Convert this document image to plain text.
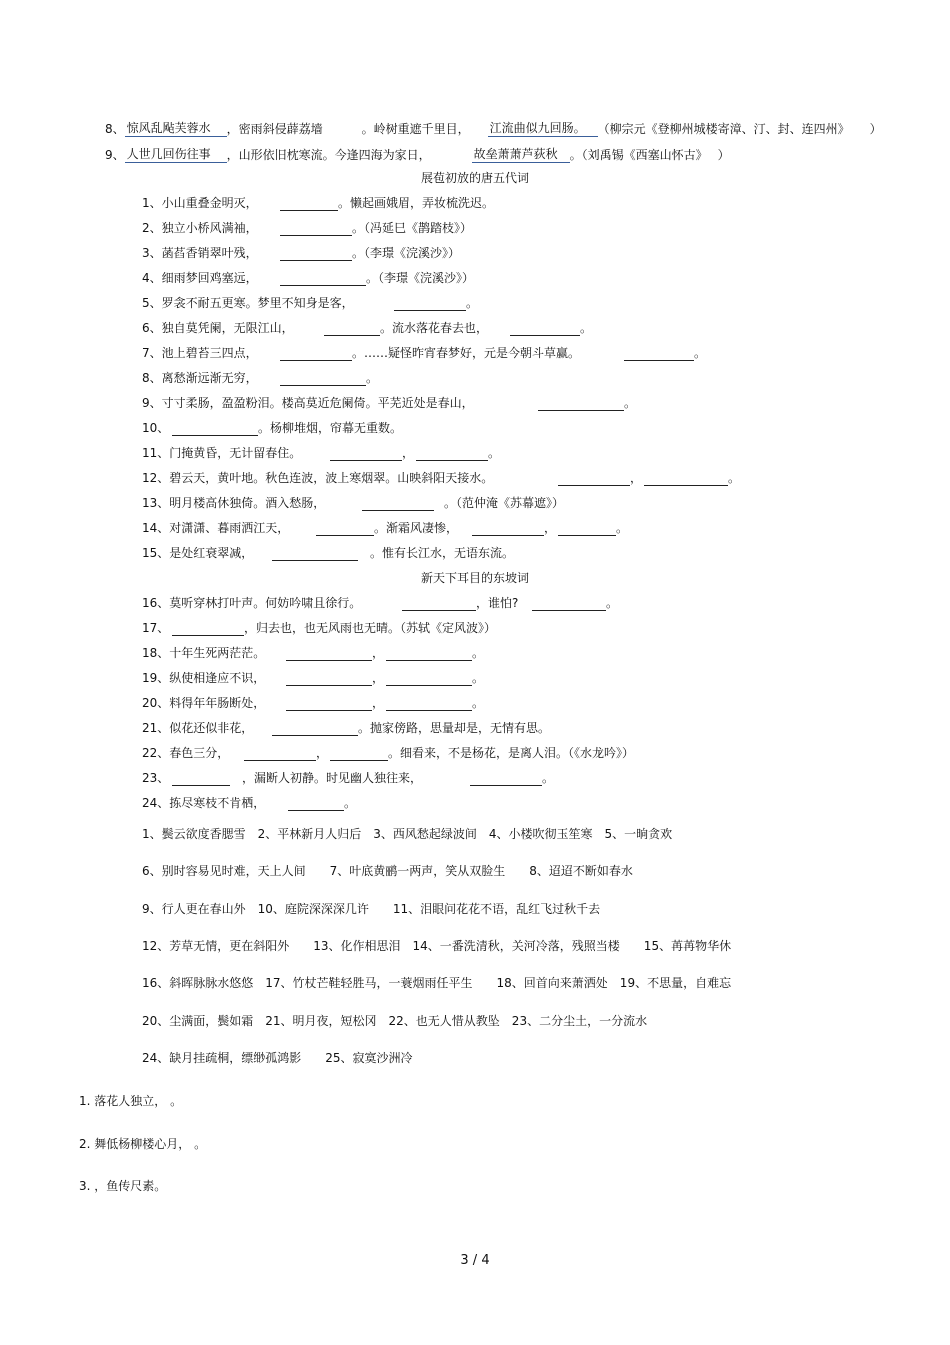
8、 惊风乱飐芙蓉水 ，密雨斜侵薜荔墙	。岭树重遮千里目， 江流曲似九回肠。 （柳宗元《登柳州城楼寄漳、汀、封、连四州》 ）
9、 人世几回伤往事 ，山形依旧枕寒流。今逢四海为家日，	故垒萧萧芦荻秋 。（刘禹锡《西塞山怀古》 ）
展苞初放的唐五代词
1、小山重叠金明灭，	。懒起画娥眉，弄妆梳洗迟。
2、独立小桥风满袖，	。（冯延巳《鹊踏枝》）
3、菡萏香销翠叶残，	。（李璟《浣溪沙》）
4、细雨梦回鸡塞远，	。（李璟《浣溪沙》）
5、罗衾不耐五更寒。梦里不知身是客，	。
6、独自莫凭阑，无限江山，	。流水落花春去也，	。
7、池上碧苔三四点，	。……疑怪昨宵春梦好，元是今朝斗草赢。	。
8、离愁渐远渐无穷，	。
9、寸寸柔肠，盈盈粉泪。楼高莫近危阑倚。平芜近处是春山，	。
10、	。杨柳堆烟，帘幕无重数。
11、门掩黄昏，无计留春住。	，	。
12、碧云天，黄叶地。秋色连波，波上寒烟翠。山映斜阳天接水。	，	。
13、明月楼高休独倚。酒入愁肠，	。（范仲淹《苏幕遮》）
14、对潇潇、暮雨洒江天，	。渐霜风凄惨，	，	。
15、是处红衰翠减，	。惟有长江水，无语东流。
新天下耳目的东坡词
16、莫听穿林打叶声。何妨吟啸且徐行。	，谁怕?	。
17、	，归去也，也无风雨也无晴。（苏轼《定风波》）
18、十年生死两茫茫。	，	。
19、纵使相逢应不识，	，	。
20、料得年年肠断处，	，	。
21、似花还似非花，	。抛家傍路，思量却是，无情有思。
22、春色三分，	，	。细看来，不是杨花，是离人泪。（《水龙吟》）
23、	，漏断人初静。时见幽人独往来，	。
24、拣尽寒枝不肯栖，	。
1、鬓云欲度香腮雪　2、平林新月人归后　3、西风愁起绿波间　4、小楼吹彻玉笙寒　5、一晌贪欢
6、别时容易见时难，天上人间　　7、叶底黄鹂一两声，笑从双脸生　　8、迢迢不断如春水
9、行人更在春山外　10、庭院深深深几许　　11、泪眼问花花不语，乱红飞过秋千去
12、芳草无情，更在斜阳外　　13、化作相思泪　14、一番洗清秋，关河冷落，残照当楼　　15、苒苒物华休
16、斜晖脉脉水悠悠　17、竹杖芒鞋轻胜马，一蓑烟雨任平生　　18、回首向来萧洒处　19、不思量，自难忘
20、尘满面，鬓如霜　21、明月夜，短松冈　22、也无人惜从教坠　23、二分尘土，一分流水
24、缺月挂疏桐，缥缈孤鸿影　　25、寂寞沙洲冷
1. 落花人独立， 。
2. 舞低杨柳楼心月， 。
3. ，鱼传尺素。
3 / 4
